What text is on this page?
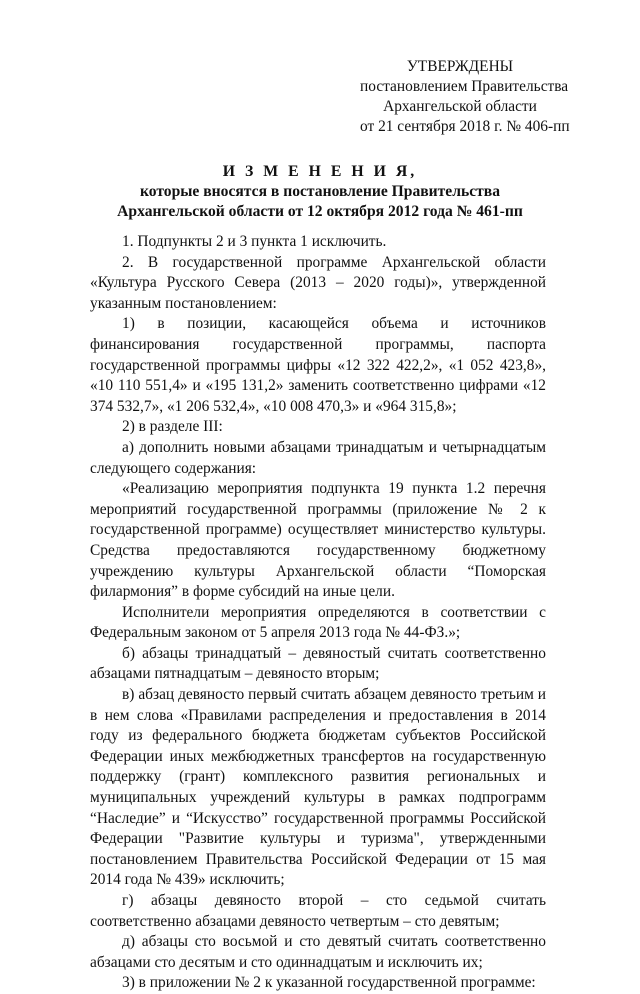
УТВЕРЖДЕНЫ
постановлением Правительства
Архангельской области
от 21 сентября 2018 г. № 406-пп
И З М Е Н Е Н И Я,
которые вносятся в постановление Правительства
Архангельской области от 12 октября 2012 года № 461-пп

1. Подпункты 2 и 3 пункта 1 исключить.

2. В государственной программе Архангельской области «Культура Русского Севера (2013 – 2020 годы)», утвержденной указанным постановлением:

1) в позиции, касающейся объема и источников финансирования государственной программы, паспорта государственной программы цифры «12 322 422,2», «1 052 423,8», «10 110 551,4» и «195 131,2» заменить соответственно цифрами «12 374 532,7», «1 206 532,4», «10 008 470,3» и «964 315,8»;

2) в разделе III:

а) дополнить новыми абзацами тринадцатым и четырнадцатым следующего содержания:

«Реализацию мероприятия подпункта 19 пункта 1.2 перечня мероприятий государственной программы (приложение № 2 к государственной программе) осуществляет министерство культуры. Средства предоставляются государственному бюджетному учреждению культуры Архангельской области “Поморская филармония” в форме субсидий на иные цели.

Исполнители мероприятия определяются в соответствии с Федеральным законом от 5 апреля 2013 года № 44-ФЗ.»;

б) абзацы тринадцатый – девяностый считать соответственно абзацами пятнадцатым – девяносто вторым;

в) абзац девяносто первый считать абзацем девяносто третьим и в нем слова «Правилами распределения и предоставления в 2014 году из федерального бюджета бюджетам субъектов Российской Федерации иных межбюджетных трансфертов на государственную поддержку (грант) комплексного развития региональных и муниципальных учреждений культуры в рамках подпрограмм “Наследие” и “Искусство” государственной программы Российской Федерации "Развитие культуры и туризма", утвержденными постановлением Правительства Российской Федерации от 15 мая 2014 года № 439» исключить;

г) абзацы девяносто второй – сто седьмой считать соответственно абзацами девяносто четвертым – сто девятым;

д) абзацы сто восьмой и сто девятый считать соответственно абзацами сто десятым и сто одиннадцатым и исключить их;

3) в приложении № 2 к указанной государственной программе:
